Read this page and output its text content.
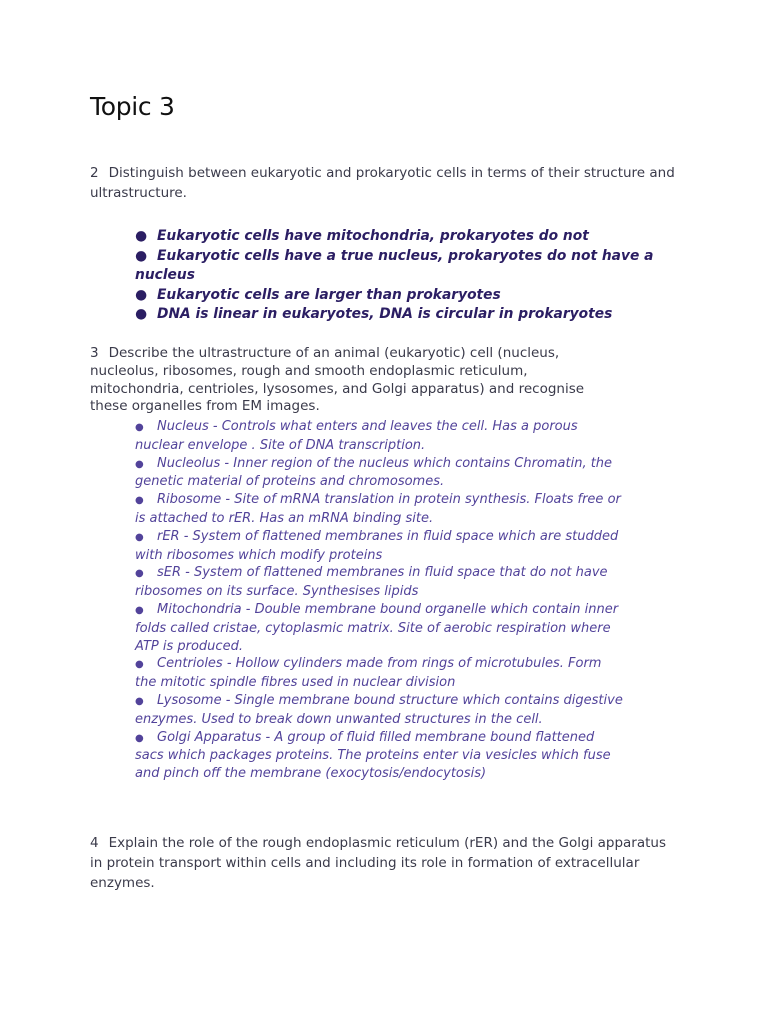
Topic 3

2 Distinguish between eukaryotic and prokaryotic cells in terms of their structure and ultrastructure.

● Eukaryotic cells have mitochondria, prokaryotes do not
● Eukaryotic cells have a true nucleus, prokaryotes do not have a nucleus
● Eukaryotic cells are larger than prokaryotes
● DNA is linear in eukaryotes, DNA is circular in prokaryotes

3 Describe the ultrastructure of an animal (eukaryotic) cell (nucleus, nucleolus, ribosomes, rough and smooth endoplasmic reticulum, mitochondria, centrioles, lysosomes, and Golgi apparatus) and recognise these organelles from EM images.

● Nucleus - Controls what enters and leaves the cell. Has a porous nuclear envelope . Site of DNA transcription.
● Nucleolus - Inner region of the nucleus which contains Chromatin, the genetic material of proteins and chromosomes.
● Ribosome - Site of mRNA translation in protein synthesis. Floats free or is attached to rER. Has an mRNA binding site.
● rER - System of flattened membranes in fluid space which are studded with ribosomes which modify proteins
● sER - System of flattened membranes in fluid space that do not have ribosomes on its surface. Synthesises lipids
● Mitochondria - Double membrane bound organelle which contain inner folds called cristae, cytoplasmic matrix. Site of aerobic respiration where ATP is produced.
● Centrioles - Hollow cylinders made from rings of microtubules. Form the mitotic spindle fibres used in nuclear division
● Lysosome - Single membrane bound structure which contains digestive enzymes. Used to break down unwanted structures in the cell.
● Golgi Apparatus - A group of fluid filled membrane bound flattened sacs which packages proteins. The proteins enter via vesicles which fuse and pinch off the membrane (exocytosis/endocytosis)

4 Explain the role of the rough endoplasmic reticulum (rER) and the Golgi apparatus in protein transport within cells and including its role in formation of extracellular enzymes.
